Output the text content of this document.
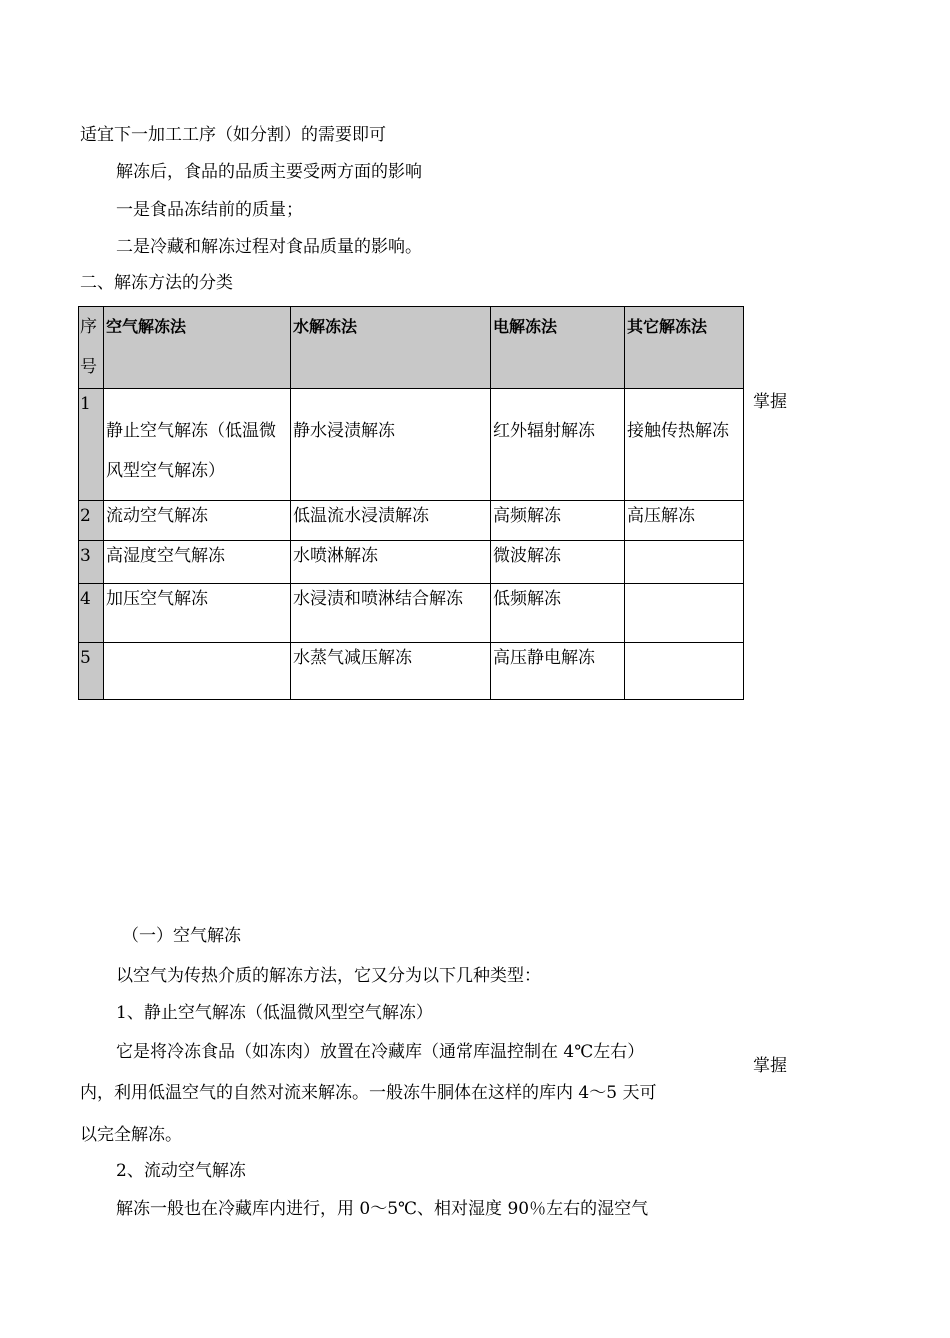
适宜下一加工工序（如分割）的需要即可
解冻后，食品的品质主要受两方面的影响
一是食品冻结前的质量；
二是冷藏和解冻过程对食品质量的影响。
二、解冻方法的分类
序号	空气解冻法	水解冻法	电解冻法	其它解冻法
1	静止空气解冻（低温微风型空气解冻）	静水浸渍解冻	红外辐射解冻	接触传热解冻
2	流动空气解冻	低温流水浸渍解冻	高频解冻	高压解冻
3	高湿度空气解冻	水喷淋解冻	微波解冻	
4	加压空气解冻	水浸渍和喷淋结合解冻	低频解冻	
5		水蒸气减压解冻	高压静电解冻	
掌握
（一）空气解冻
以空气为传热介质的解冻方法，它又分为以下几种类型：
1、静止空气解冻（低温微风型空气解冻）
它是将冷冻食品（如冻肉）放置在冷藏库（通常库温控制在 4℃左右）
内，利用低温空气的自然对流来解冻。一般冻牛胴体在这样的库内 4～5 天可
以完全解冻。
2、流动空气解冻
解冻一般也在冷藏库内进行，用 0～5℃、相对湿度 90％左右的湿空气
掌握
